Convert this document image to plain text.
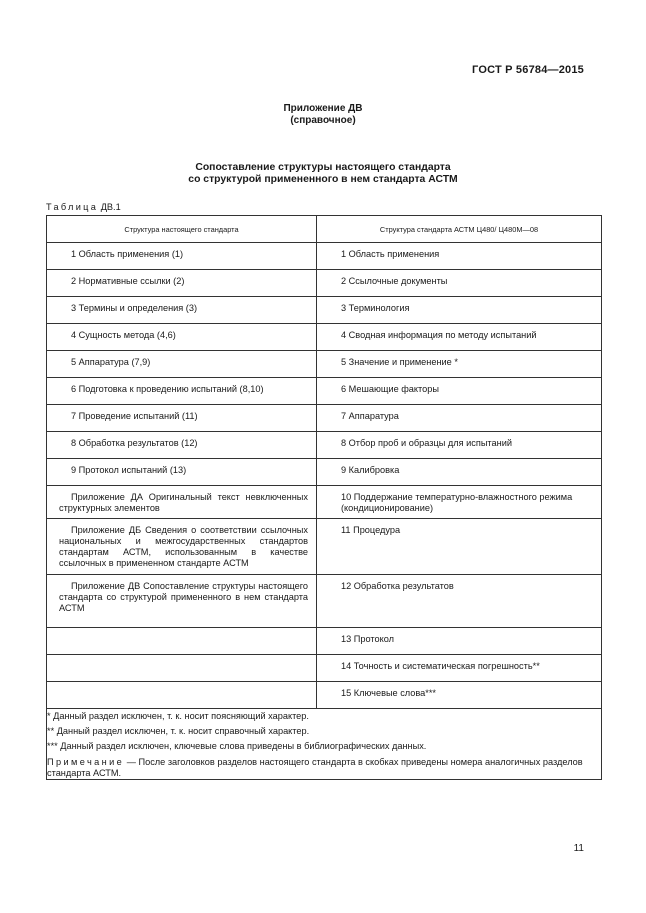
ГОСТ Р 56784—2015
Приложение ДВ
(справочное)
Сопоставление структуры настоящего стандарта
со структурой примененного в нем стандарта АСТМ
Таблица ДВ.1
Структура настоящего стандарта	Структура стандарта АСТМ Ц480/ Ц480М—08

1 Область применения (1)	1 Область применения

2 Нормативные ссылки (2)	2 Ссылочные документы

3 Термины и определения (3)	3 Терминология

4 Сущность метода (4,6)	4 Сводная информация по методу испытаний

5 Аппаратура (7,9)	5 Значение и применение *

6 Подготовка к проведению испытаний (8,10)	6 Мешающие факторы

7 Проведение испытаний (11)	7 Аппаратура

8 Обработка результатов (12)	8 Отбор проб и образцы для испытаний

9 Протокол испытаний (13)	9 Калибровка

Приложение ДА Оригинальный текст невключенных структурных элементов	10 Поддержание температурно-влажностного режима (кондиционирование)

Приложение ДБ Сведения о соответствии ссылочных национальных и межгосударственных стандартов стандартам АСТМ, использованным в качестве ссылочных в примененном стандарте АСТМ	11 Процедура

Приложение ДВ Сопоставление структуры настоящего стандарта со структурой примененного в нем стандарта АСТМ	12 Обработка результатов

	13 Протокол

	14 Точность и систематическая погрешность**

	15 Ключевые слова***

* Данный раздел исключен, т. к. носит поясняющий характер.
** Данный раздел исключен, т. к. носит справочный характер.
*** Данный раздел исключен, ключевые слова приведены в библиографических данных.
Примечание — После заголовков разделов настоящего стандарта в скобках приведены номера аналогичных разделов стандарта АСТМ.	
11
